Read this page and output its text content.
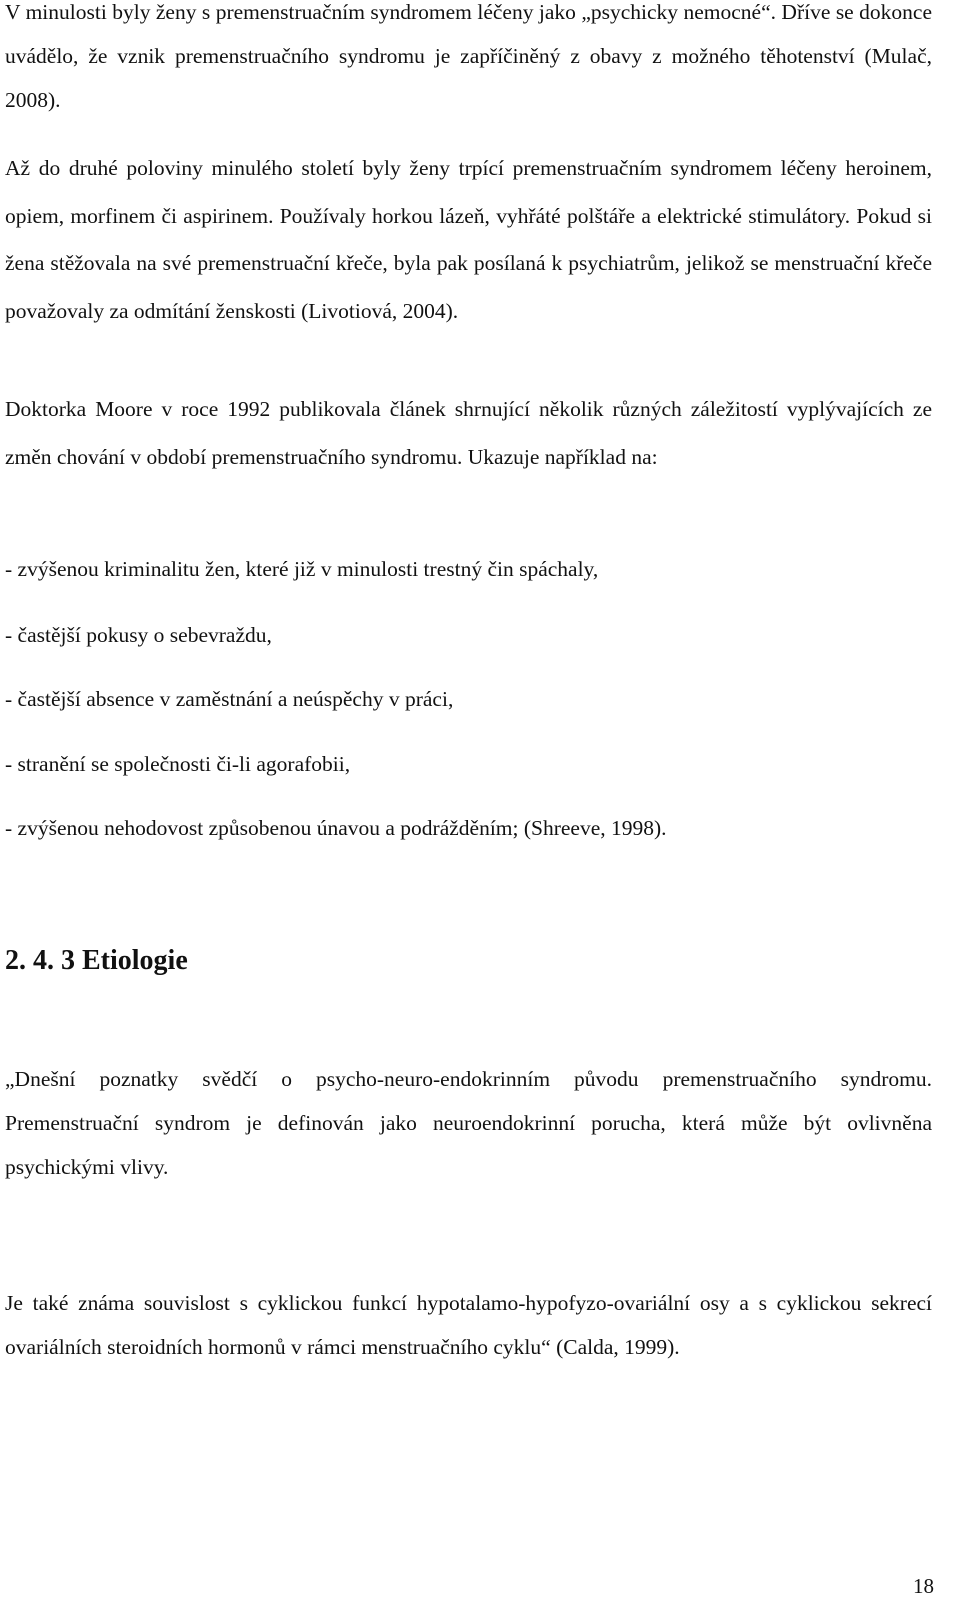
V minulosti byly ženy s premenstruačním syndromem léčeny jako „psychicky nemocné“. Dříve se dokonce uvádělo, že vznik premenstruačního syndromu je zapříčiněný z obavy z možného těhotenství (Mulač, 2008).

Až do druhé poloviny minulého století byly ženy trpící premenstruačním syndromem léčeny heroinem, opiem, morfinem či aspirinem. Používaly horkou lázeň, vyhřáté polštáře a elektrické stimulátory. Pokud si žena stěžovala na své premenstruační křeče, byla pak posílaná k psychiatrům, jelikož se menstruační křeče považovaly za odmítání ženskosti (Livotiová, 2004).

Doktorka Moore v roce 1992 publikovala článek shrnující několik různých záležitostí vyplývajících ze změn chování v období premenstruačního syndromu. Ukazuje například na:

- zvýšenou kriminalitu žen, které již v minulosti trestný čin spáchaly,
- častější pokusy o sebevraždu,
- častější absence v zaměstnání a neúspěchy v práci,
- stranění se společnosti či-li agorafobii,
- zvýšenou nehodovost způsobenou únavou a podrážděním; (Shreeve, 1998).
2. 4. 3 Etiologie

„Dnešní poznatky svědčí o psycho-neuro-endokrinním původu premenstruačního syndromu. Premenstruační syndrom je definován jako neuroendokrinní porucha, která může být ovlivněna psychickými vlivy.

Je také známa souvislost s cyklickou funkcí hypotalamo-hypofyzo-ovariální osy a s cyklickou sekrecí ovariálních steroidních hormonů v rámci menstruačního cyklu“ (Calda, 1999).

18
